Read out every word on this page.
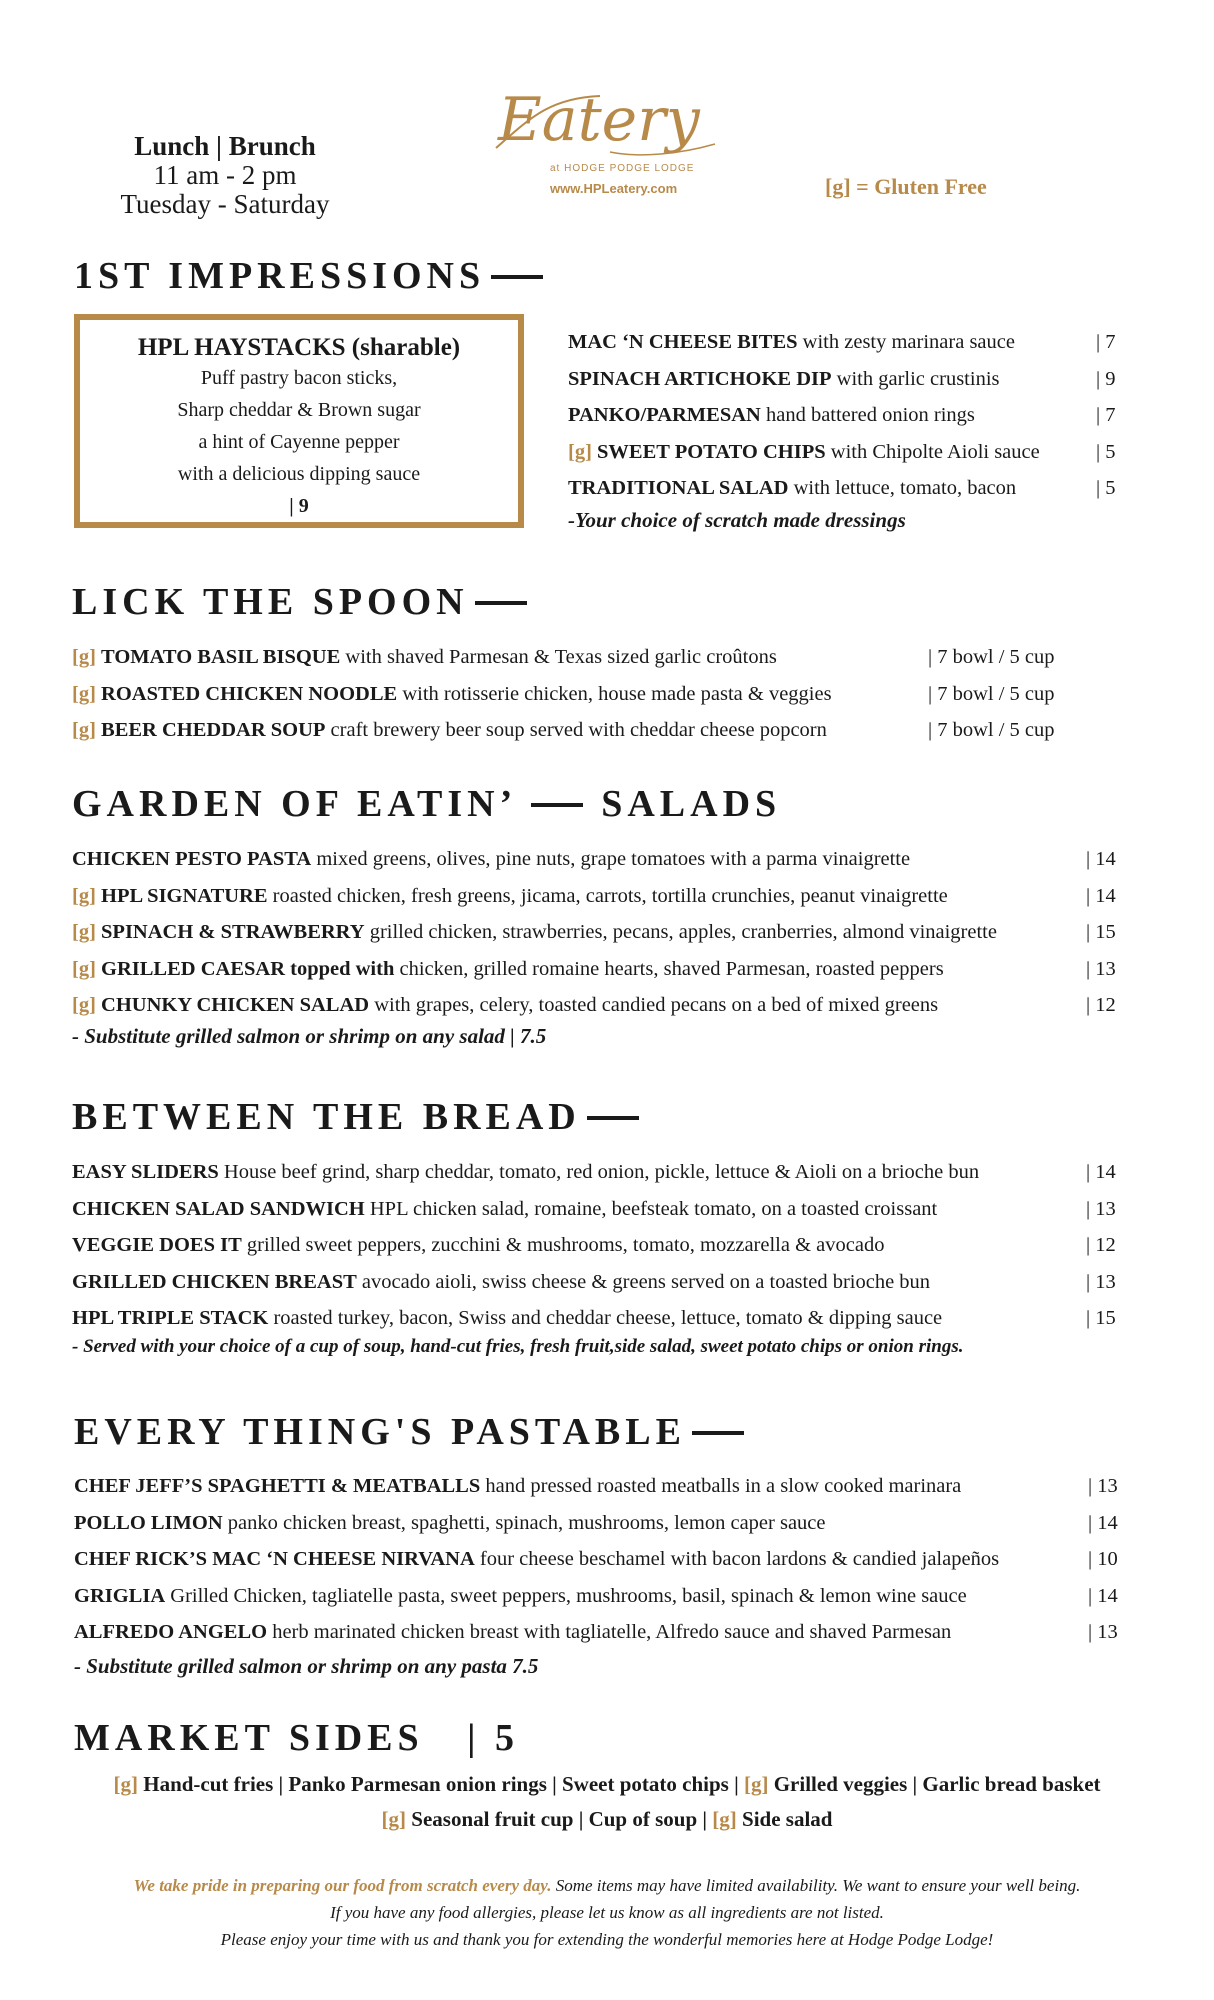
Lunch | Brunch
11 am - 2 pm
Tuesday - Saturday
Eatery
at HODGE PODGE LODGE
www.HPLeatery.com	[g] = Gluten Free
1ST IMPRESSIONS
HPL HAYSTACKS (sharable)
Puff pastry bacon sticks,
Sharp cheddar & Brown sugar
a hint of Cayenne pepper
with a delicious dipping sauce
| 9
MAC ‘N CHEESE BITES with zesty marinara sauce	| 7
SPINACH ARTICHOKE DIP with garlic crustinis	| 9
PANKO/PARMESAN hand battered onion rings	| 7
[g] SWEET POTATO CHIPS with Chipolte Aioli sauce	| 5
TRADITIONAL SALAD with lettuce, tomato, bacon	| 5
-Your choice of scratch made dressings
LICK THE SPOON
[g] TOMATO BASIL BISQUE with shaved Parmesan & Texas sized garlic croûtons	| 7 bowl / 5 cup
[g] ROASTED CHICKEN NOODLE with rotisserie chicken, house made pasta & veggies	| 7 bowl / 5 cup
[g] BEER CHEDDAR SOUP craft brewery beer soup served with cheddar cheese popcorn	| 7 bowl / 5 cup
GARDEN OF EATIN’ SALADS
CHICKEN PESTO PASTA mixed greens, olives, pine nuts, grape tomatoes with a parma vinaigrette	| 14
[g] HPL SIGNATURE roasted chicken, fresh greens, jicama, carrots, tortilla crunchies, peanut vinaigrette	| 14
[g] SPINACH & STRAWBERRY grilled chicken, strawberries, pecans, apples, cranberries, almond vinaigrette	| 15
[g] GRILLED CAESAR topped with chicken, grilled romaine hearts, shaved Parmesan, roasted peppers	| 13
[g] CHUNKY CHICKEN SALAD with grapes, celery, toasted candied pecans on a bed of mixed greens	| 12
- Substitute grilled salmon or shrimp on any salad | 7.5
BETWEEN THE BREAD
EASY SLIDERS House beef grind, sharp cheddar, tomato, red onion, pickle, lettuce & Aioli on a brioche bun	| 14
CHICKEN SALAD SANDWICH HPL chicken salad, romaine, beefsteak tomato, on a toasted croissant	| 13
VEGGIE DOES IT grilled sweet peppers, zucchini & mushrooms, tomato, mozzarella & avocado	| 12
GRILLED CHICKEN BREAST avocado aioli, swiss cheese & greens served on a toasted brioche bun	| 13
HPL TRIPLE STACK roasted turkey, bacon, Swiss and cheddar cheese, lettuce, tomato & dipping sauce	| 15
- Served with your choice of a cup of soup, hand-cut fries, fresh fruit,side salad, sweet potato chips or onion rings.
EVERY THING'S PASTABLE
CHEF JEFF’S SPAGHETTI & MEATBALLS hand pressed roasted meatballs in a slow cooked marinara	| 13
POLLO LIMON panko chicken breast, spaghetti, spinach, mushrooms, lemon caper sauce	| 14
CHEF RICK’S MAC ‘N CHEESE NIRVANA four cheese beschamel with bacon lardons & candied jalapeños	| 10
GRIGLIA Grilled Chicken, tagliatelle pasta, sweet peppers, mushrooms, basil, spinach & lemon wine sauce	| 14
ALFREDO ANGELO herb marinated chicken breast with tagliatelle, Alfredo sauce and shaved Parmesan	| 13
- Substitute grilled salmon or shrimp on any pasta 7.5
MARKET SIDES | 5
[g] Hand-cut fries | Panko Parmesan onion rings | Sweet potato chips | [g] Grilled veggies | Garlic bread basket
[g] Seasonal fruit cup | Cup of soup | [g] Side salad
We take pride in preparing our food from scratch every day. Some items may have limited availability. We want to ensure your well being.
If you have any food allergies, please let us know as all ingredients are not listed.
Please enjoy your time with us and thank you for extending the wonderful memories here at Hodge Podge Lodge!
